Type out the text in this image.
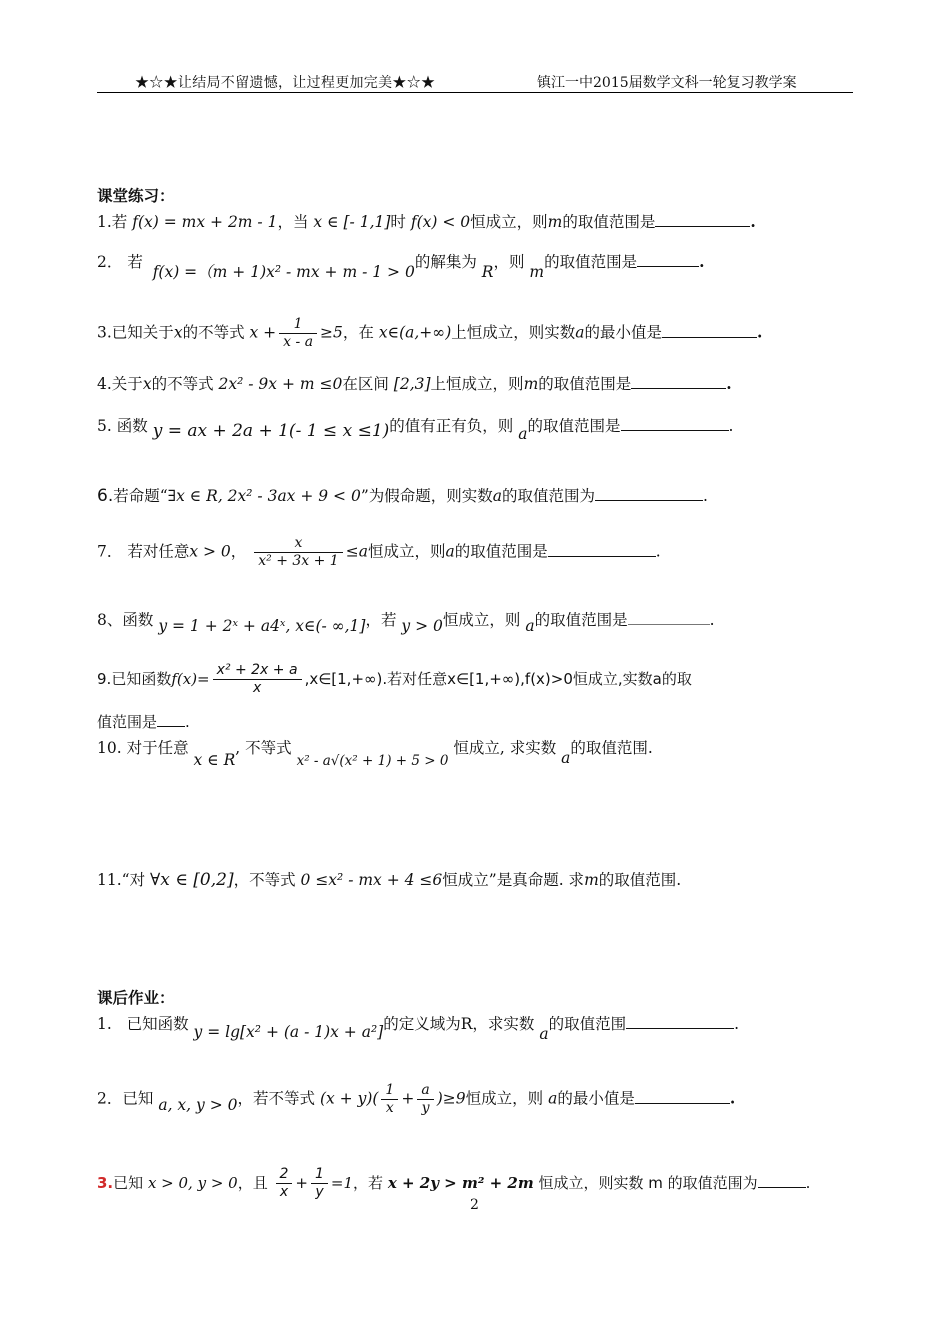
★☆★让结局不留遗憾，让过程更加完美★☆★	镇江一中2015届数学文科一轮复习教学案
课堂练习：
1.若 f(x) = mx + 2m - 1，当 x ∈ [- 1,1]时 f(x) < 0恒成立，则m的取值范围是	.
2． 若  f(x) =（m + 1)x² - mx + m - 1 > 0的解集为 R，则 m的取值范围是	.
3.已知关于x的不等式 $x + \frac{1}{x - a} \ge 5$，在 x∈(a,+∞)上恒成立，则实数a的最小值是	.
4.关于x的不等式 2x² - 9x + m ≤0在区间 [2,3]上恒成立，则m的取值范围是	.
5. 函数 y = ax + 2a + 1(- 1 ≤ x ≤1)的值有正有负，则 a的取值范围是	.
6.若命题“∃x ∈ R, 2x² - 3ax + 9 < 0”为假命题，则实数a的取值范围为	.
7． 若对任意x > 0， $\frac{x}{\text{x² + 3x + 1}} \le a$恒成立，则a的取值范围是	.
8、函数 y = 1 + 2ˣ + a4ˣ, x∈(- ∞,1]，若 y > 0恒成立，则 a的取值范围是	.
9.已知函数$f(x)= \frac{\text{x² + 2x + a}}{x}$ ,x∈[1,+∞).若对任意x∈[1,+∞),f(x)>0恒成立,实数a的取
值范围是 .
10. 对于任意 x ∈ R, 不等式 x² - a√(x² + 1) + 5 > 0 恒成立, 求实数 a的取值范围.
11.“对 ∀x ∈ [0,2]，不等式 0 ≤x² - mx + 4 ≤6恒成立”是真命题. 求m的取值范围.
课后作业：
1. 已知函数 y = lg[x² + (a - 1)x + a²]的定义域为R，求实数 a的取值范围	.
2．已知 a, x, y > 0，若不等式 $(x + y)( \frac{1}{x} + \frac{a}{y} )\ge 9$恒成立，则 a的最小值是	.
3.已知 x > 0, y > 0，且 $\frac{2}{x} + \frac{1}{y} =1$，若 x + 2y > m² + 2m 恒成立，则实数 m 的取值范围为	.
2
